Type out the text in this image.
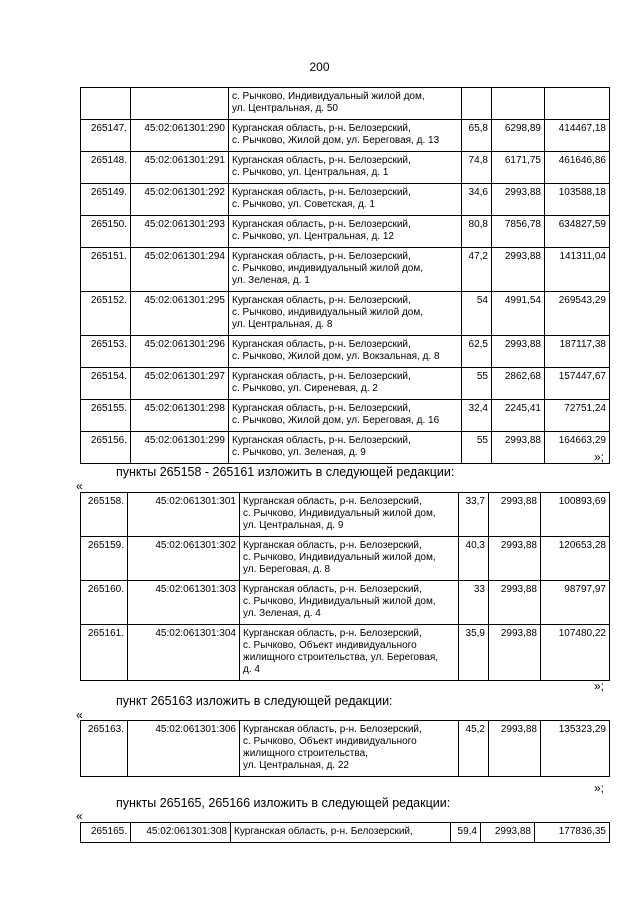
200
		с. Рычково, Индивидуальный жилой дом,
ул. Центральная, д. 50			
265147.	45:02:061301:290	Курганская область, р-н. Белозерский,
с. Рычково, Жилой дом, ул. Береговая, д. 13	65,8	6298,89	414467,18
265148.	45:02:061301:291	Курганская область, р-н. Белозерский,
с. Рычково, ул. Центральная, д. 1	74,8	6171,75	461646,86
265149.	45:02:061301:292	Курганская область, р-н. Белозерский,
с. Рычково, ул. Советская, д. 1	34,6	2993,88	103588,18
265150.	45:02:061301:293	Курганская область, р-н. Белозерский,
с. Рычково, ул. Центральная, д. 12	80,8	7856,78	634827,59
265151.	45:02:061301:294	Курганская область, р-н. Белозерский,
с. Рычково, индивидуальный жилой дом,
ул. Зеленая, д. 1	47,2	2993,88	141311,04
265152.	45:02:061301:295	Курганская область, р-н. Белозерский,
с. Рычково, индивидуальный жилой дом,
ул. Центральная, д. 8	54	4991,54	269543,29
265153.	45:02:061301:296	Курганская область, р-н. Белозерский,
с. Рычково, Жилой дом, ул. Вокзальная, д. 8	62,5	2993,88	187117,38
265154.	45:02:061301:297	Курганская область, р-н. Белозерский,
с. Рычково, ул. Сиреневая, д. 2	55	2862,68	157447,67
265155.	45:02:061301:298	Курганская область, р-н. Белозерский,
с. Рычково, Жилой дом, ул. Береговая, д. 16	32,4	2245,41	72751,24
265156.	45:02:061301:299	Курганская область, р-н. Белозерский,
с. Рычково, ул. Зеленая, д. 9	55	2993,88	164663,29
»;
пункты 265158 - 265161 изложить в следующей редакции:
«
265158.	45:02:061301:301	Курганская область, р-н. Белозерский,
с. Рычково, Индивидуальный жилой дом,
ул. Центральная, д. 9	33,7	2993,88	100893,69
265159.	45:02:061301:302	Курганская область, р-н. Белозерский,
с. Рычково, Индивидуальный жилой дом,
ул. Береговая, д. 8	40,3	2993,88	120653,28
265160.	45:02:061301:303	Курганская область, р-н. Белозерский,
с. Рычково, Индивидуальный жилой дом,
ул. Зеленая, д. 4	33	2993,88	98797,97
265161.	45:02:061301:304	Курганская область, р-н. Белозерский,
с. Рычково, Объект индивидуального
жилищного строительства, ул. Береговая,
д. 4	35,9	2993,88	107480,22
»;
пункт 265163 изложить в следующей редакции:
«
265163.	45:02:061301:306	Курганская область, р-н. Белозерский,
с. Рычково, Объект индивидуального
жилищного строительства,
ул. Центральная, д. 22	45,2	2993,88	135323,29
»;
пункты 265165, 265166 изложить в следующей редакции:
«
265165.	45:02:061301:308	Курганская область, р-н. Белозерский,	59,4	2993,88	177836,35
